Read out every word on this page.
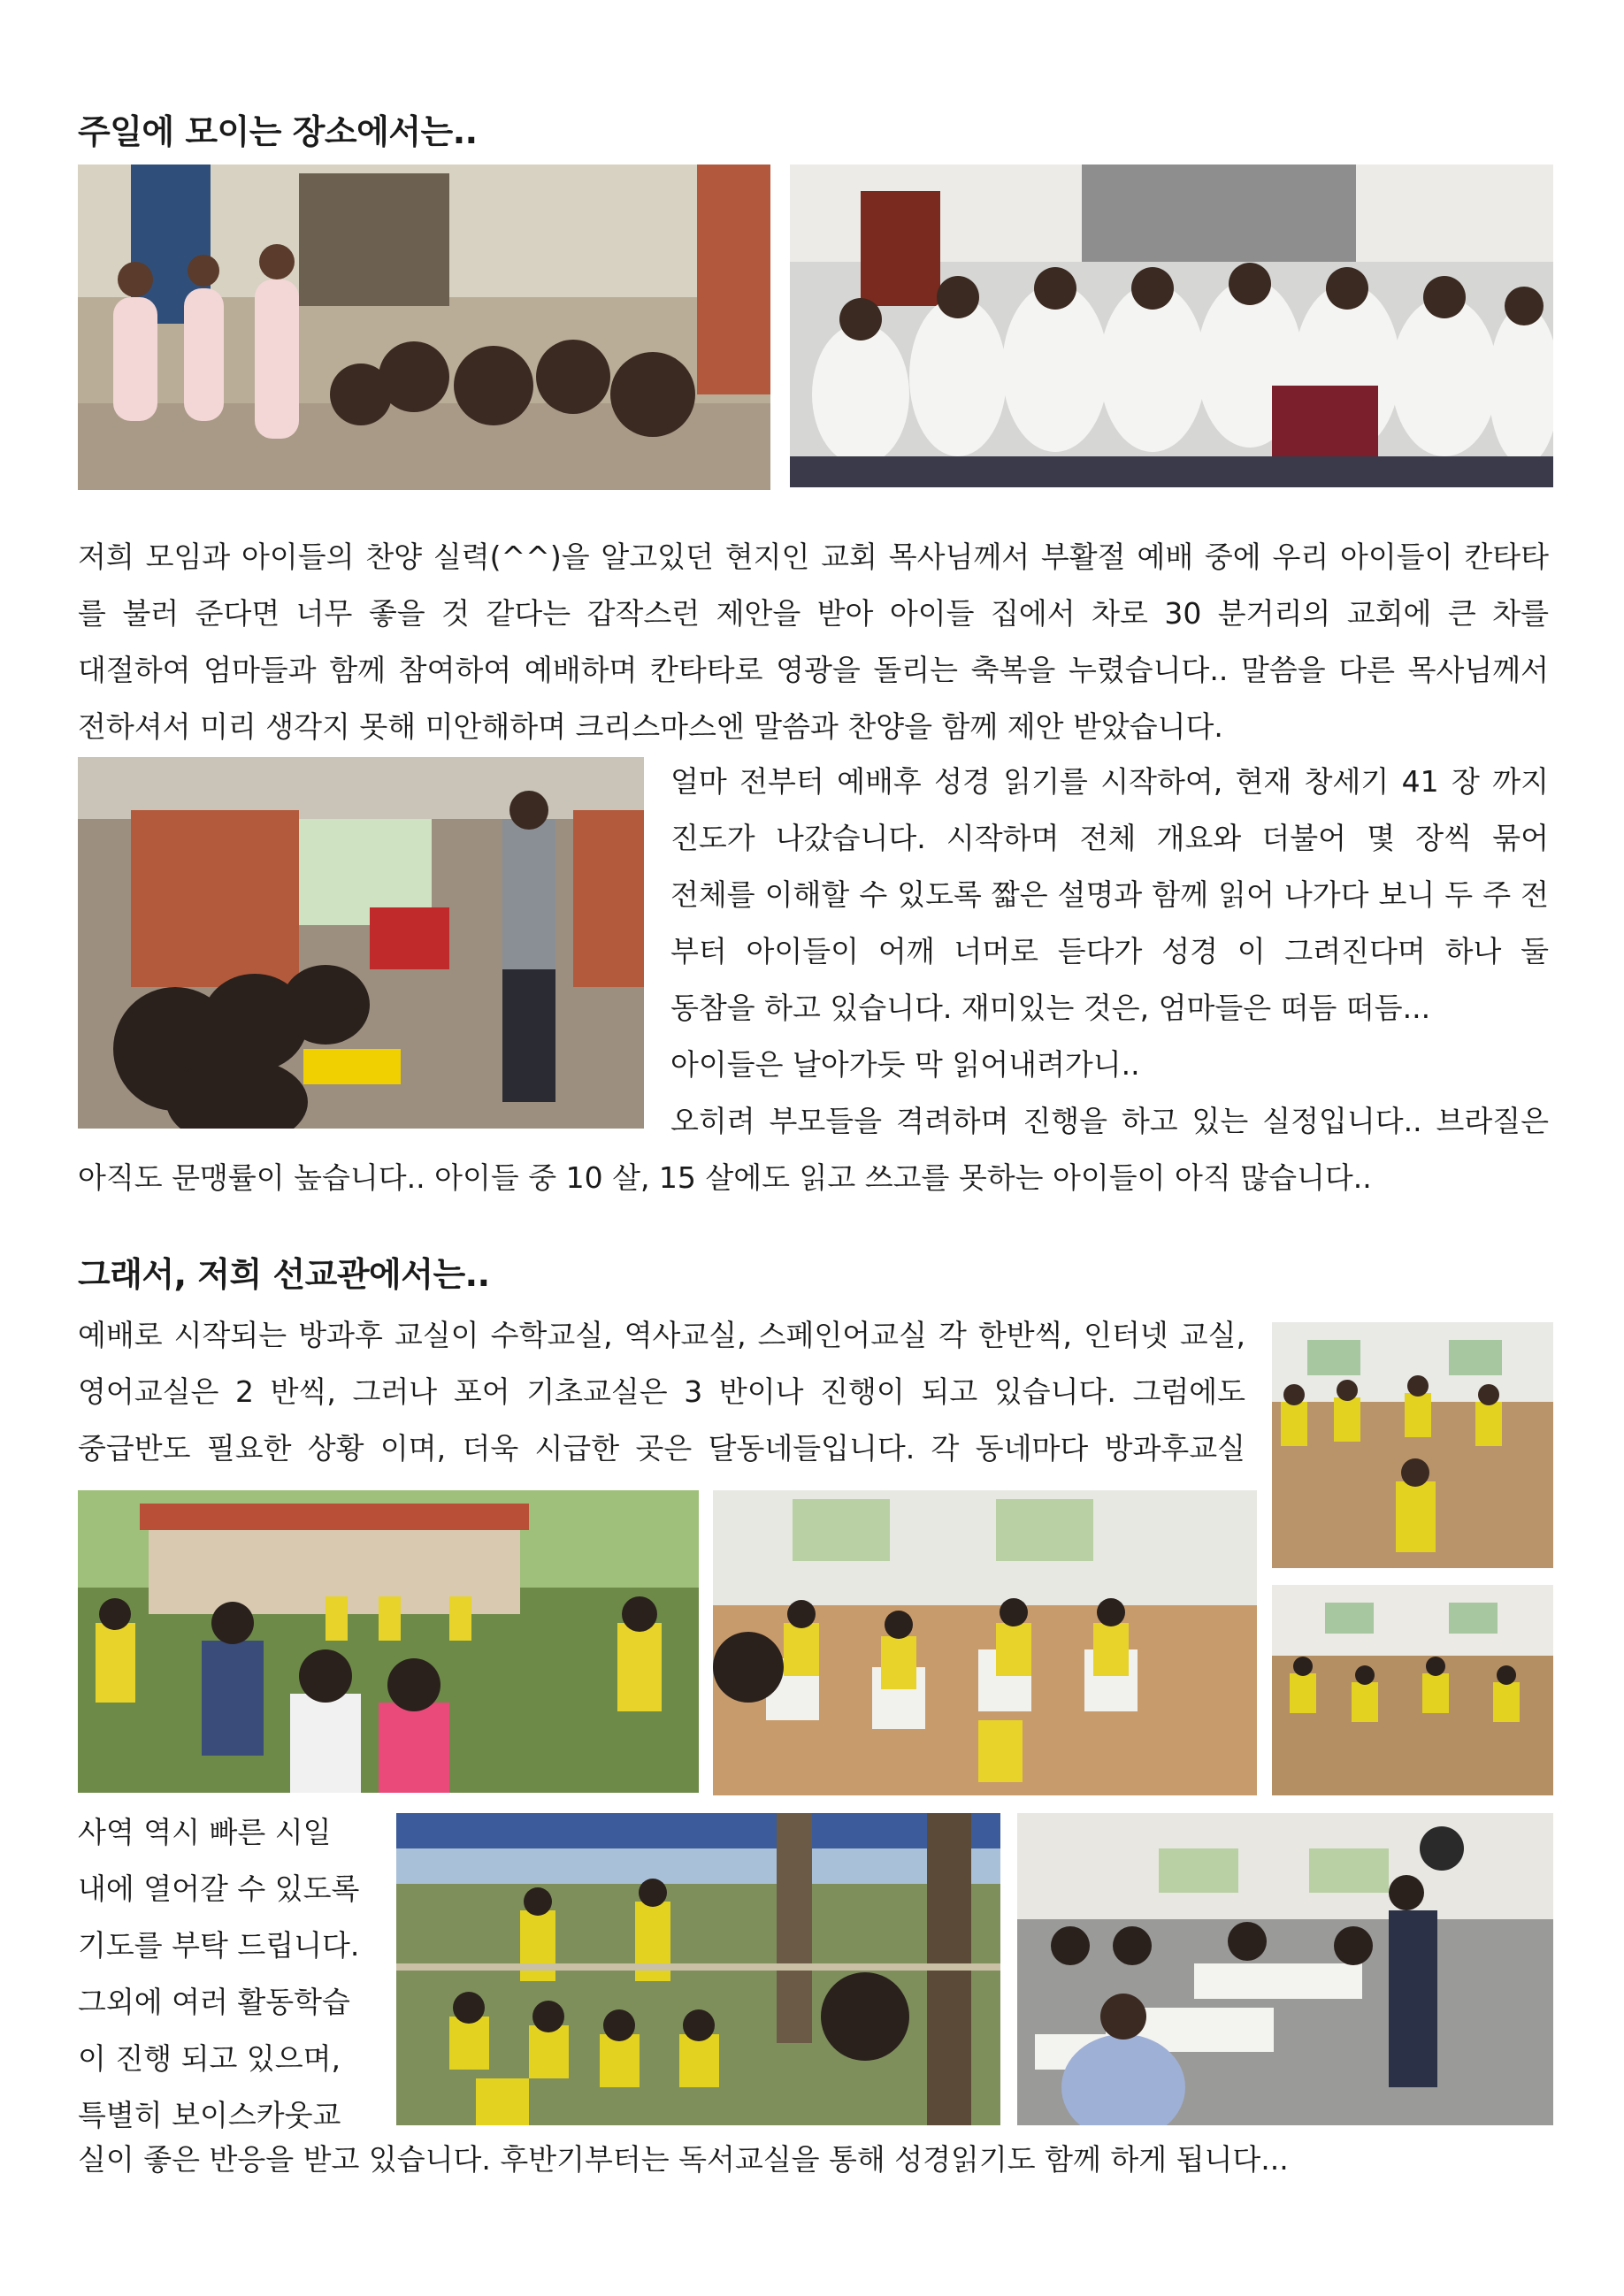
주일에 모이는 장소에서는..
저희 모임과 아이들의 찬양 실력(^^)을 알고있던 현지인 교회 목사님께서 부활절 예배 중에 우리 아이들이 칸타타
를 불러 준다면 너무 좋을 것 같다는 갑작스런 제안을 받아 아이들 집에서 차로 30 분거리의 교회에 큰 차를
대절하여 엄마들과 함께 참여하여 예배하며 칸타타로 영광을 돌리는 축복을 누렸습니다.. 말씀을 다른 목사님께서
전하셔서 미리 생각지 못해 미안해하며 크리스마스엔 말씀과 찬양을 함께 제안 받았습니다.
얼마 전부터 예배후 성경 읽기를 시작하여, 현재 창세기 41 장 까지
진도가 나갔습니다. 시작하며 전체 개요와 더불어 몇 장씩 묶어
전체를 이해할 수 있도록 짧은 설명과 함께 읽어 나가다 보니 두 주 전
부터 아이들이 어깨 너머로 듣다가 성경 이 그려진다며 하나 둘
동참을 하고 있습니다. 재미있는 것은, 엄마들은 떠듬 떠듬...
아이들은 날아가듯 막 읽어내려가니..
오히려 부모들을 격려하며 진행을 하고 있는 실정입니다.. 브라질은
아직도 문맹률이 높습니다.. 아이들 중 10 살, 15 살에도 읽고 쓰고를 못하는 아이들이 아직 많습니다..
그래서, 저희 선교관에서는..
예배로 시작되는 방과후 교실이 수학교실, 역사교실, 스페인어교실 각 한반씩, 인터넷 교실,
영어교실은 2 반씩, 그러나 포어 기초교실은 3 반이나 진행이 되고 있습니다. 그럼에도
중급반도 필요한 상황 이며, 더욱 시급한 곳은 달동네들입니다. 각 동네마다 방과후교실
사역 역시 빠른 시일
내에 열어갈 수 있도록
기도를 부탁 드립니다.
그외에 여러 활동학습
이 진행 되고 있으며,
특별히 보이스카웃교
실이 좋은 반응을 받고 있습니다. 후반기부터는 독서교실을 통해 성경읽기도 함께 하게 됩니다...
